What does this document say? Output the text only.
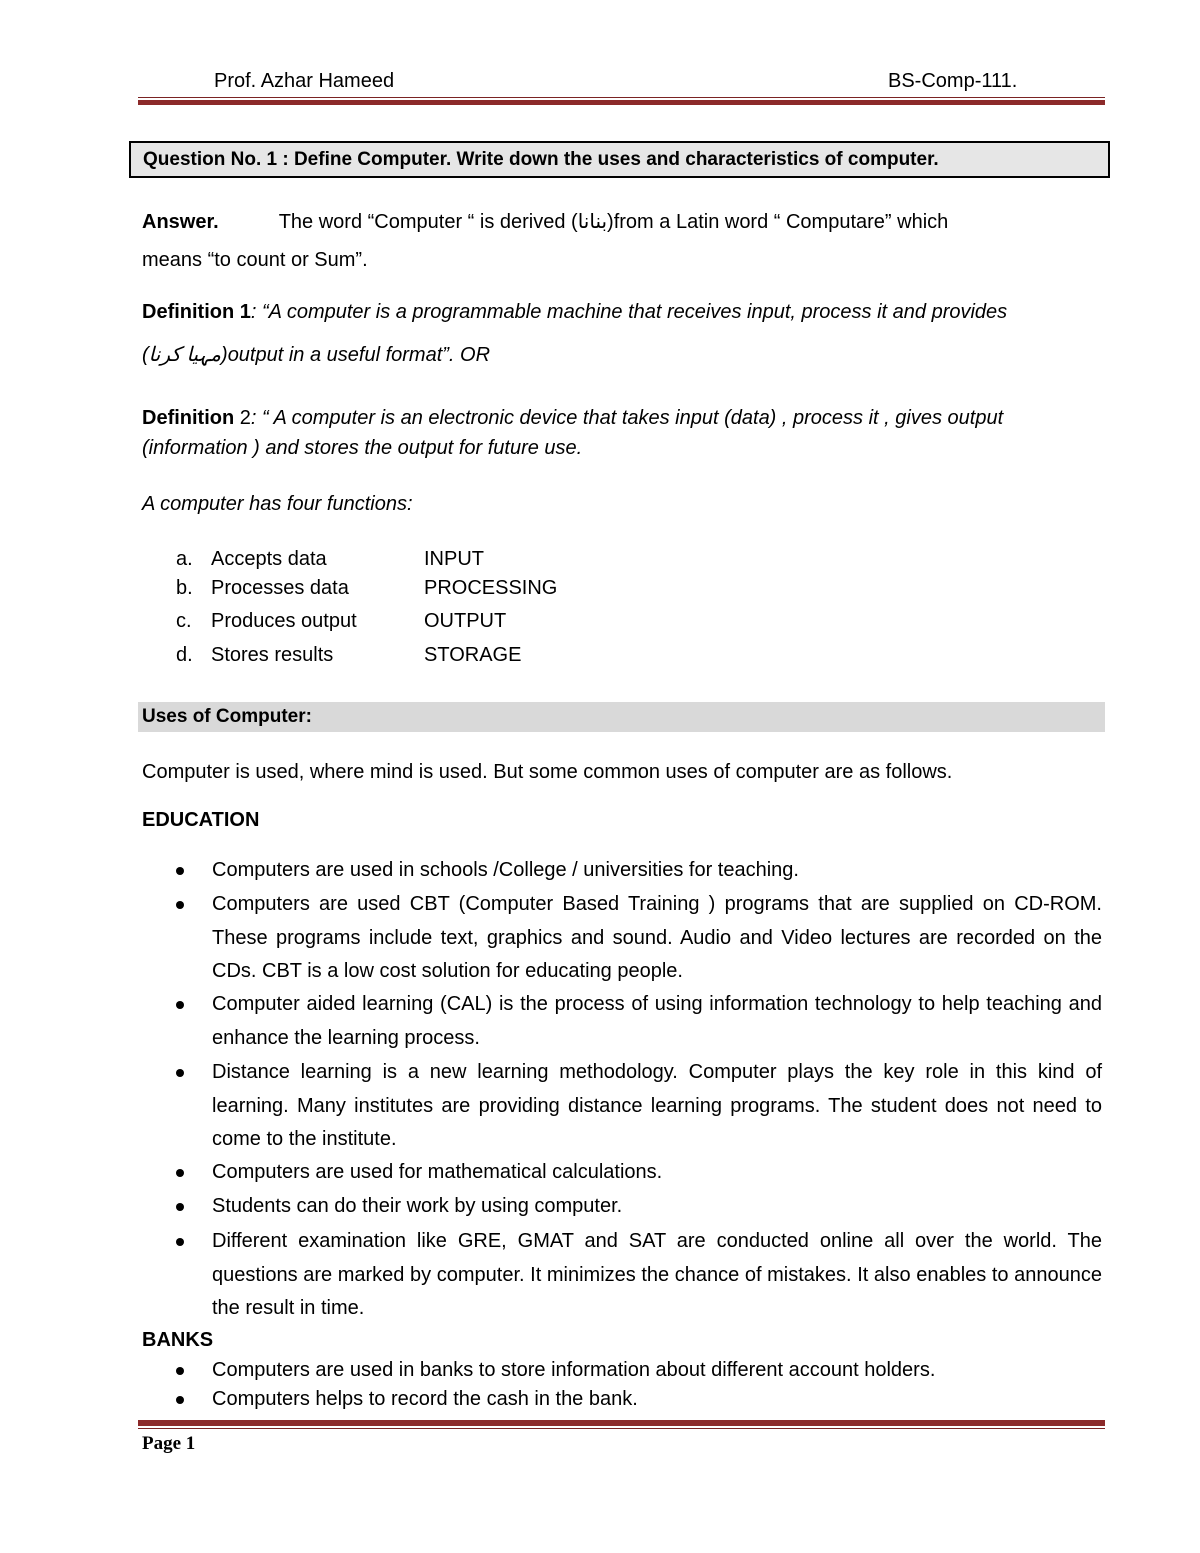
Prof. Azhar Hameed	BS-Comp-111.
Question No. 1 : Define Computer. Write down the uses and characteristics of computer.
Answer.	The word “Computer “ is derived (بنانا)from a Latin word “ Computare” which
means “to count or Sum”.
Definition 1: “A computer is a programmable machine that receives input, process it and provides
(مہیا کرنا)output in a useful format”. OR
Definition 2: “ A computer is an electronic device that takes input (data) , process it , gives output
(information ) and stores the output for future use.
A computer has four functions:
a. Accepts data	INPUT
b. Processes data	PROCESSING
c. Produces output	OUTPUT
d. Stores results	STORAGE
Uses of Computer:
Computer is used, where mind is used. But some common uses of computer are as follows.
EDUCATION
Computers are used in schools /College / universities for teaching.
Computers are used CBT (Computer Based Training ) programs that are supplied on CD-ROM. These programs include text, graphics and sound. Audio and Video lectures are recorded on the CDs. CBT is a low cost solution for educating people.
Computer aided learning (CAL) is the process of using information technology to help teaching and enhance the learning process.
Distance learning is a new learning methodology. Computer plays the key role in this kind of learning. Many institutes are providing distance learning programs. The student does not need to come to the institute.
Computers are used for mathematical calculations.
Students can do their work by using computer.
Different examination like GRE, GMAT and SAT are conducted online all over the world. The questions are marked by computer. It minimizes the chance of mistakes. It also enables to announce the result in time.
BANKS
Computers are used in banks to store information about different account holders.
Computers helps to record the cash in the bank.
Page 1
